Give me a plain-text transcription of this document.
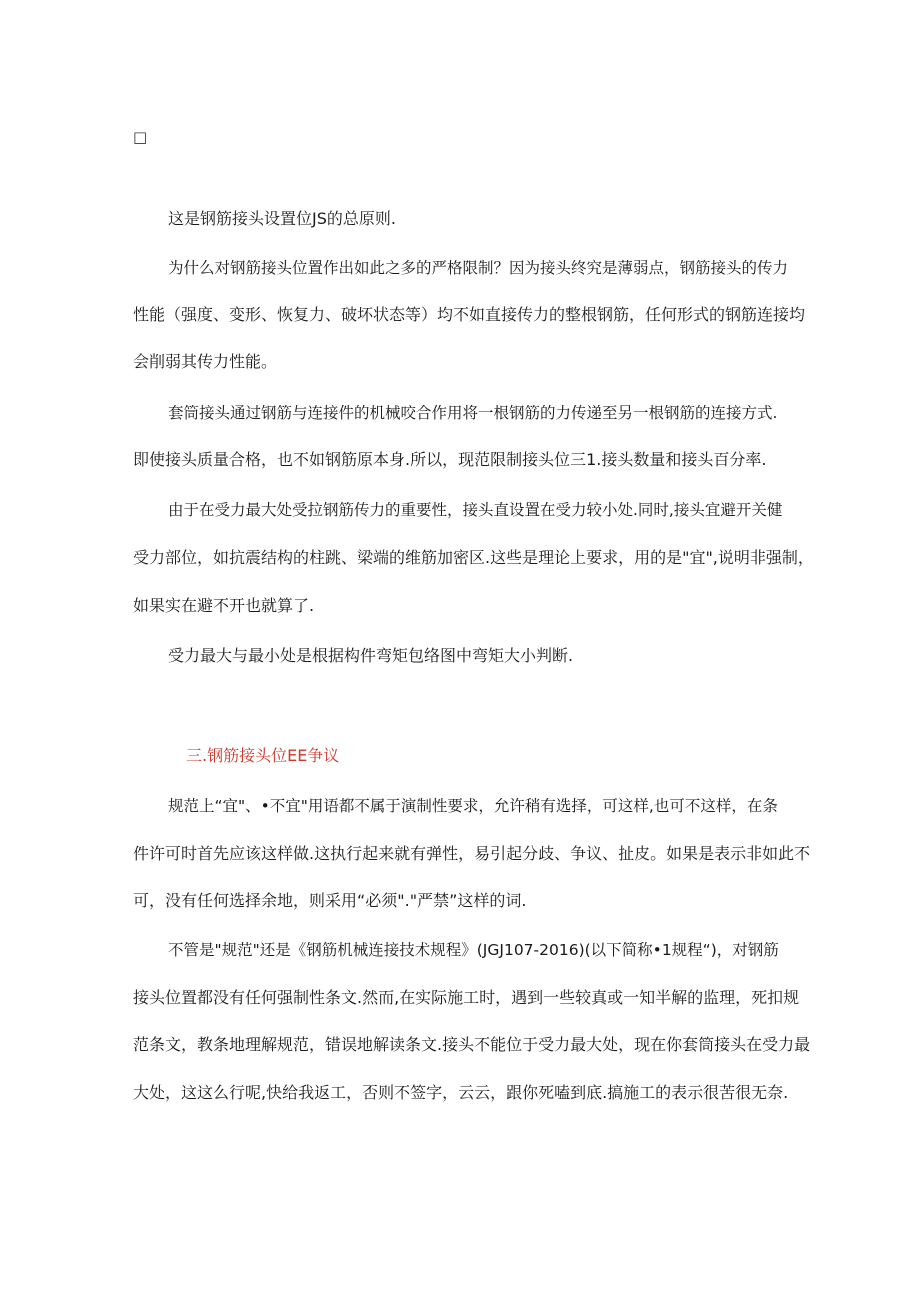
□
这是钢筋接头设置位JS的总原则.
为什么对钢筋接头位置作出如此之多的严格限制？因为接头终究是薄弱点，钢筋接头的传力
性能（强度、变形、恢复力、破坏状态等）均不如直接传力的整根钢筋，任何形式的钢筋连接均
会削弱其传力性能。
套筒接头通过钢筋与连接件的机械咬合作用将一根钢筋的力传递至另一根钢筋的连接方式.
即使接头质量合格，也不如钢筋原本身.所以，现范限制接头位三1.接头数量和接头百分率.
由于在受力最大处受拉钢筋传力的重要性，接头直设置在受力较小处.同时,接头宜避开关健
受力部位，如抗震结构的柱跳、梁端的维筋加密区.这些是理论上要求，用的是"宜",说明非强制，
如果实在避不开也就算了.
受力最大与最小处是根据构件弯矩包络图中弯矩大小判断.
三.钢筋接头位EE争议
规范上“宜"、•不宜"用语都不属于演制性要求，允许稍有选择，可这样,也可不这样，在条
件许可时首先应该这样做.这执行起来就有弹性，易引起分歧、争议、扯皮。如果是表示非如此不
可，没有任何选择余地，则采用“必须"."严禁”这样的词.
不管是"规范"还是《钢筋机械连接技术规程》(JGJ107-2016)(以下简称•1规程“)，对钢筋
接头位置都没有任何强制性条文.然而,在实际施工时，遇到一些较真或一知半解的监理，死扣规
范条文，教条地理解规范，错误地解读条文.接头不能位于受力最大处，现在你套筒接头在受力最
大处，这这么行呢,快给我返工，否则不签字，云云，跟你死嗑到底.搞施工的表示很苦很无奈.
